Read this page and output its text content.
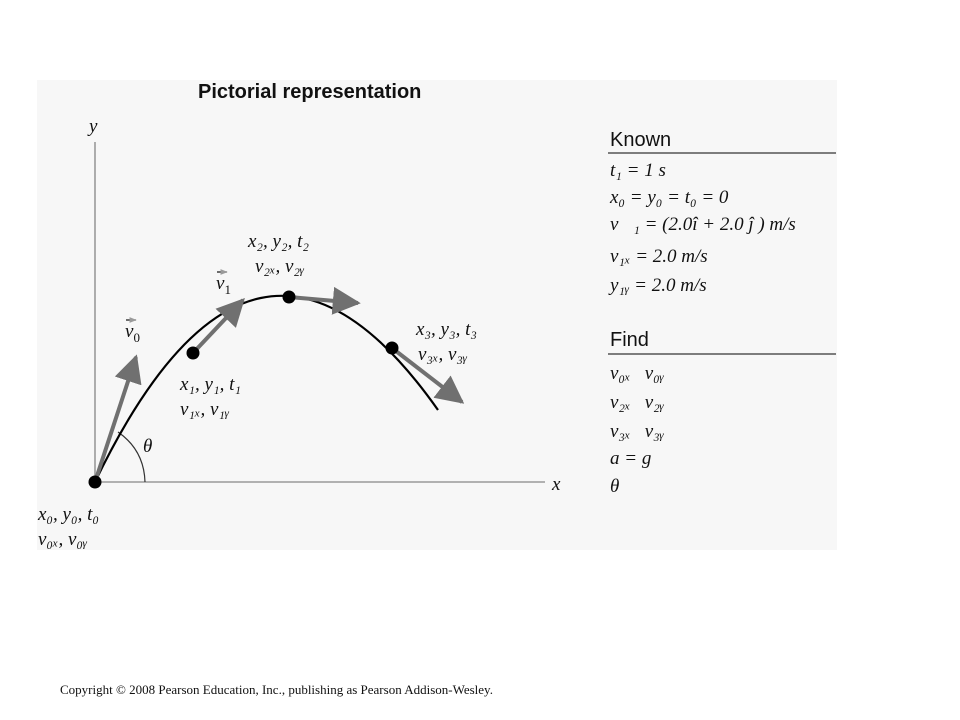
Pictorial representation
y
x
θ
$v_0$
$v_1$
x₀, y₀, t₀
v₀ₓ, v₀ᵧ
x₁, y₁, t₁
v₁ₓ, v₁ᵧ
x₂, y₂, t₂
v₂ₓ, v₂ᵧ
x₃, y₃, t₃
v₃ₓ, v₃ᵧ
Known
t₁ = 1 s
x₀ = y₀ = t₀ = 0
v⃗₁ = (2.0î + 2.0 ĵ ) m/s
v₁ₓ = 2.0 m/s
y₁ᵧ = 2.0 m/s
Find
v₀ₓ   v₀ᵧ
v₂ₓ   v₂ᵧ
v₃ₓ   v₃ᵧ
a = g
θ
Copyright © 2008 Pearson Education, Inc., publishing as Pearson Addison-Wesley.
